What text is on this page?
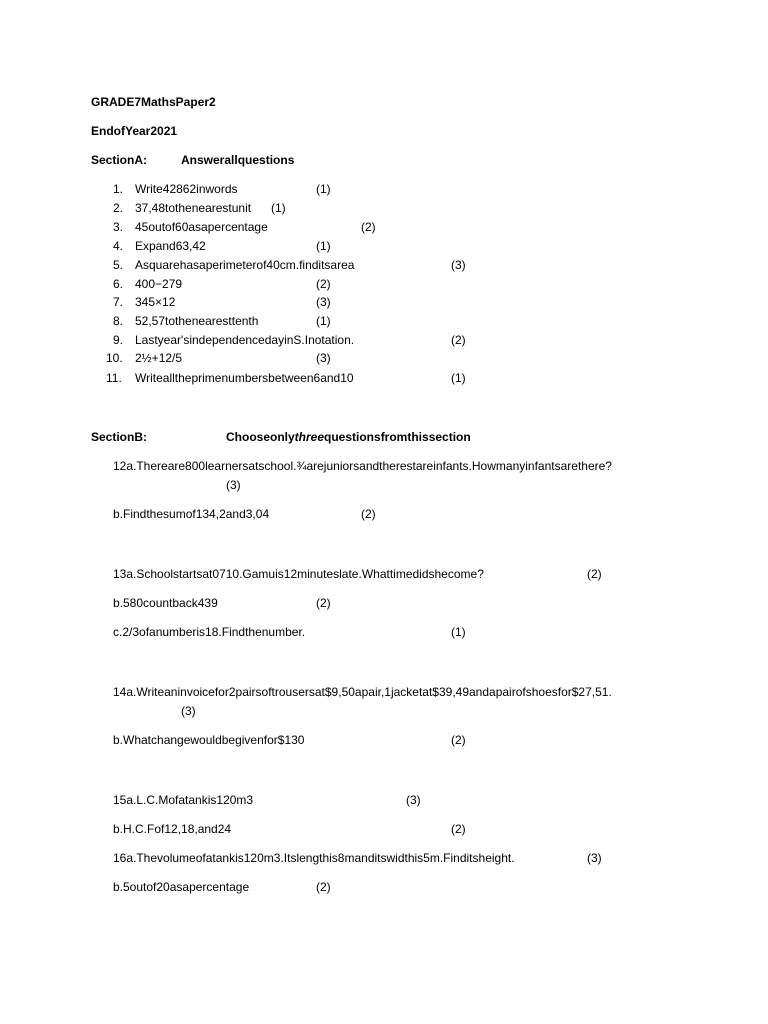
GRADE7MathsPaper2
EndofYear2021
SectionA:	Answerallquestions
1. Write42862inwords	(1)
2. 37,48tothenearestunit (1)
3. 45outof60asapercentage	(2)
4. Expand63,42	(1)
5. Asquarehasaperimeterof40cm.finditsarea	(3)
6. 400−279	(2)
7. 345×12	(3)
8. 52,57tothenearesttenth	(1)
9. Lastyear'sindependencedayinS.Inotation.	(2)
10. 2½+12/5	(3)
11. Writealltheprimenumbersbetween6and10	(1)
SectionB:	Chooseonlythreequestionsfromthissection
12a.Thereare800learnersatschool.¾arejuniorsandtherestareinfants.Howmanyinfantsarethere?
(3)
b.Findthesumof134,2and3,04	(2)
13a.Schoolstartsat0710.Gamuis12minuteslate.Whattimedidshecome?	(2)
b.580countback439	(2)
c.2/3ofanumberis18.Findthenumber.	(1)
14a.Writeaninvoicefor2pairsoftrousersat$9,50apair,1jacketat$39,49andapairofshoesfor$27,51.
(3)
b.Whatchangewouldbegivenfor$130	(2)
15a.L.C.Mofatankis120m3	(3)
b.H.C.Fof12,18,and24	(2)
16a.Thevolumeofatankis120m3.Itslengthis8manditswidthis5m.Finditsheight.	(3)
b.5outof20asapercentage	(2)
